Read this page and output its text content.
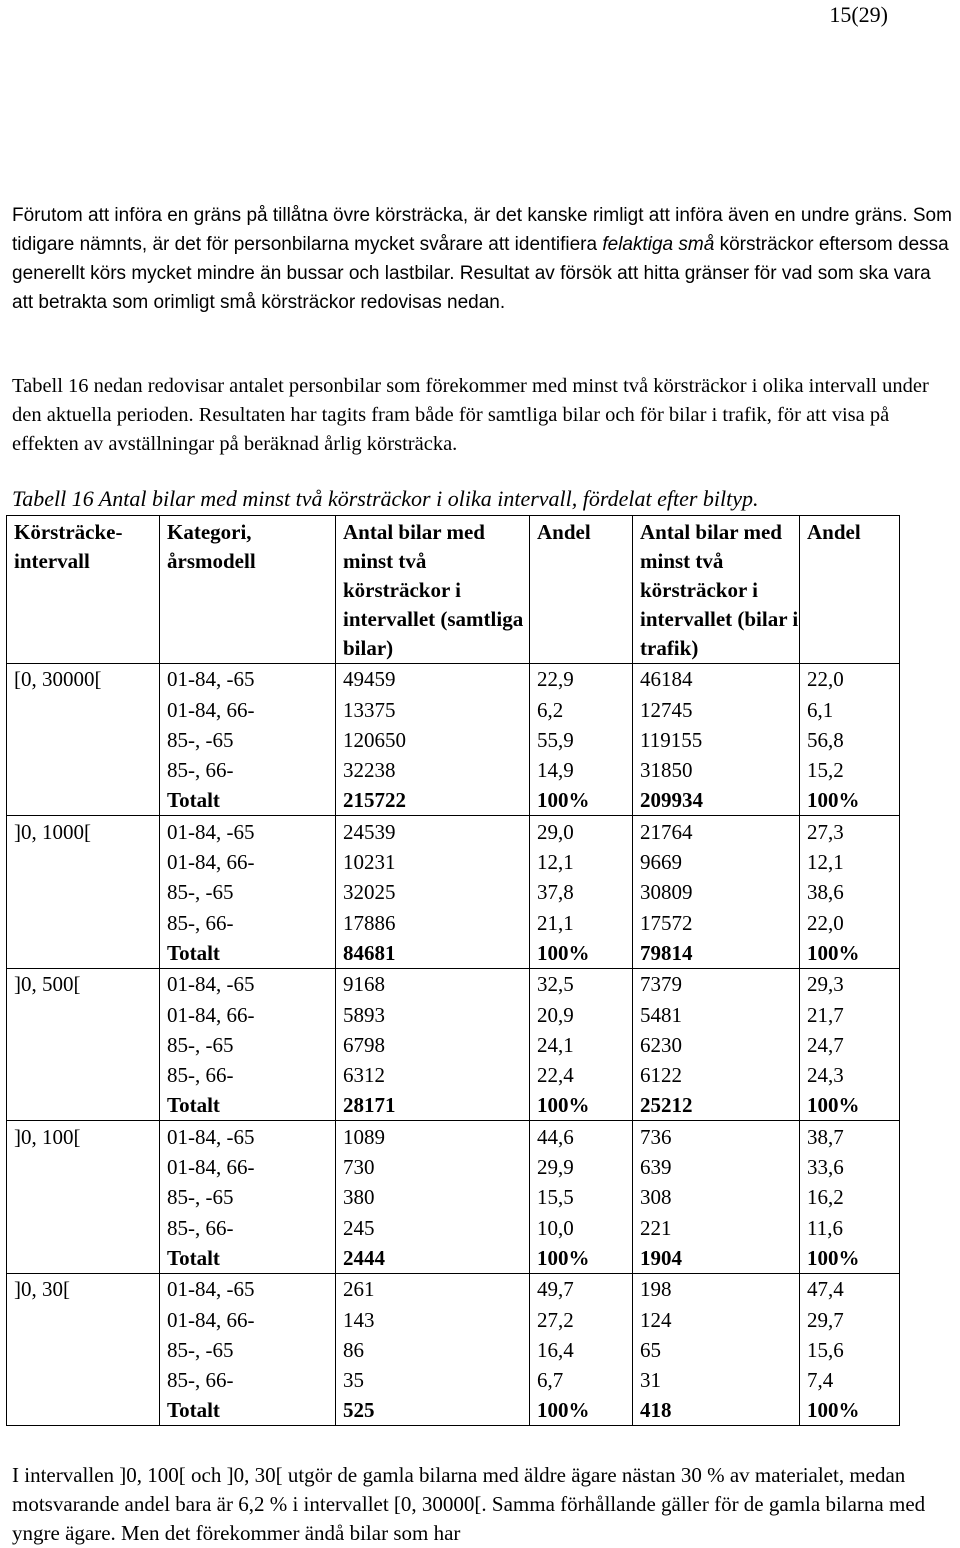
15(29)

Förutom att införa en gräns på tillåtna övre körsträcka, är det kanske rimligt att införa även en undre gräns. Som tidigare nämnts, är det för personbilarna mycket svårare att identifiera felaktiga små körsträckor eftersom dessa generellt körs mycket mindre än bussar och lastbilar. Resultat av försök att hitta gränser för vad som ska vara att betrakta som orimligt små körsträckor redovisas nedan.

Tabell 16 nedan redovisar antalet personbilar som förekommer med minst två körsträckor i olika intervall under den aktuella perioden. Resultaten har tagits fram både för samtliga bilar och för bilar i trafik, för att visa på effekten av avställningar på beräknad årlig körsträcka.

Tabell 16 Antal bilar med minst två körsträckor i olika intervall, fördelat efter biltyp.
Körsträcke-intervall	Kategori, årsmodell	Antal bilar med minst två körsträckor i intervallet (samtliga bilar)	Andel	Antal bilar med minst två körsträckor i intervallet (bilar i trafik)	Andel
[0, 30000[	01-84, -65	49459	22,9	46184	22,0
	01-84, 66-	13375	6,2	12745	6,1
	85-, -65	120650	55,9	119155	56,8
	85-, 66-	32238	14,9	31850	15,2
	Totalt	215722	100%	209934	100%
]0, 1000[	01-84, -65	24539	29,0	21764	27,3
	01-84, 66-	10231	12,1	9669	12,1
	85-, -65	32025	37,8	30809	38,6
	85-, 66-	17886	21,1	17572	22,0
	Totalt	84681	100%	79814	100%
]0, 500[	01-84, -65	9168	32,5	7379	29,3
	01-84, 66-	5893	20,9	5481	21,7
	85-, -65	6798	24,1	6230	24,7
	85-, 66-	6312	22,4	6122	24,3
	Totalt	28171	100%	25212	100%
]0, 100[	01-84, -65	1089	44,6	736	38,7
	01-84, 66-	730	29,9	639	33,6
	85-, -65	380	15,5	308	16,2
	85-, 66-	245	10,0	221	11,6
	Totalt	2444	100%	1904	100%
]0, 30[	01-84, -65	261	49,7	198	47,4
	01-84, 66-	143	27,2	124	29,7
	85-, -65	86	16,4	65	15,6
	85-, 66-	35	6,7	31	7,4
	Totalt	525	100%	418	100%

I intervallen ]0, 100[ och ]0, 30[ utgör de gamla bilarna med äldre ägare nästan 30 % av materialet, medan motsvarande andel bara är 6,2 % i intervallet [0, 30000[. Samma förhållande gäller för de gamla bilarna med yngre ägare. Men det förekommer ändå bilar som har
